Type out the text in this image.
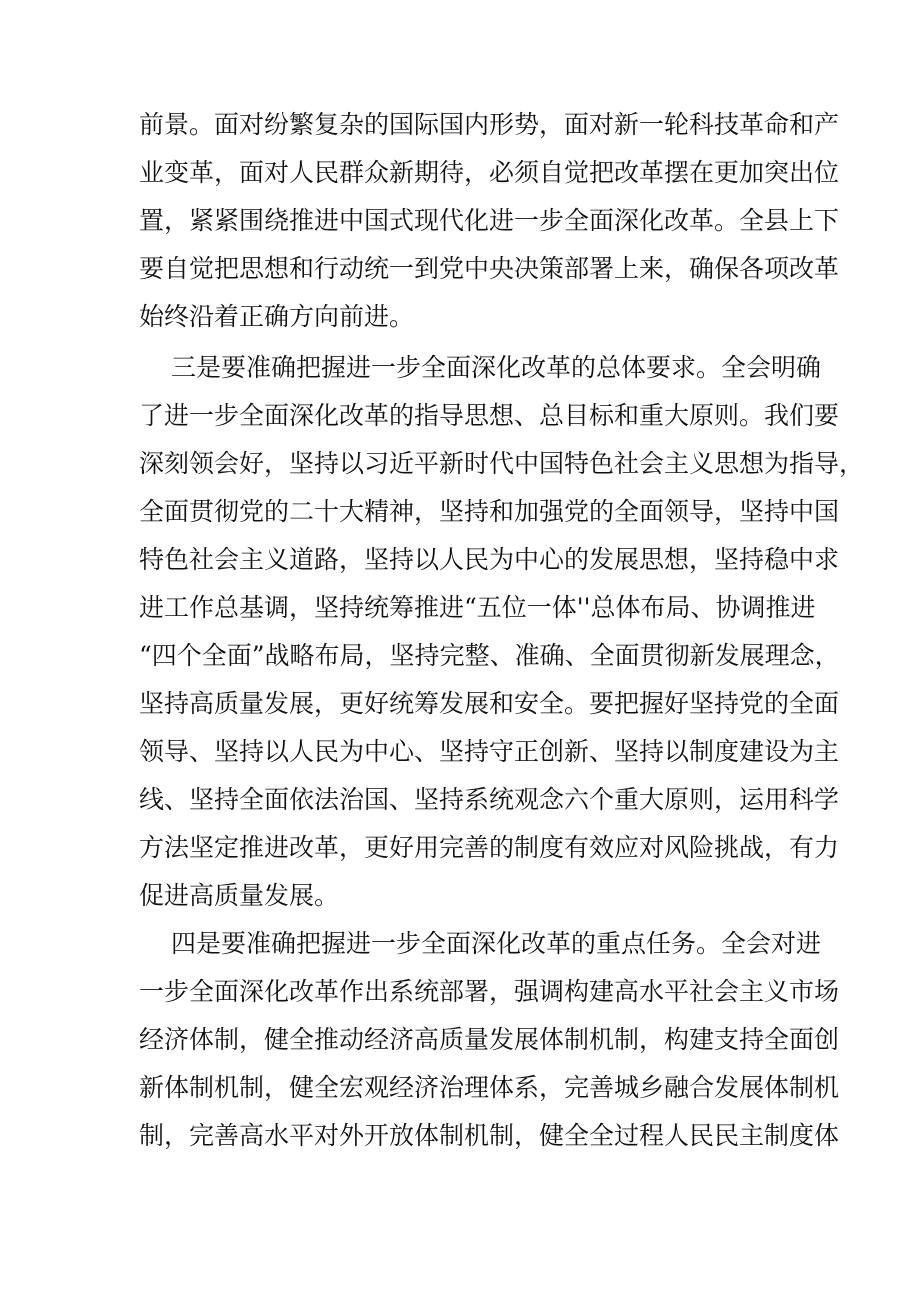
前景。面对纷繁复杂的国际国内形势，面对新一轮科技革命和产
业变革，面对人民群众新期待，必须自觉把改革摆在更加突出位
置，紧紧围绕推进中国式现代化进一步全面深化改革。全县上下
要自觉把思想和行动统一到党中央决策部署上来，确保各项改革
始终沿着正确方向前进。
三是要准确把握进一步全面深化改革的总体要求。全会明确
了进一步全面深化改革的指导思想、总目标和重大原则。我们要
深刻领会好，坚持以习近平新时代中国特色社会主义思想为指导，
全面贯彻党的二十大精神，坚持和加强党的全面领导，坚持中国
特色社会主义道路，坚持以人民为中心的发展思想，坚持稳中求
进工作总基调，坚持统筹推进“五位一体''总体布局、协调推进
“四个全面”战略布局，坚持完整、准确、全面贯彻新发展理念，
坚持高质量发展，更好统筹发展和安全。要把握好坚持党的全面
领导、坚持以人民为中心、坚持守正创新、坚持以制度建设为主
线、坚持全面依法治国、坚持系统观念六个重大原则，运用科学
方法坚定推进改革，更好用完善的制度有效应对风险挑战，有力
促进高质量发展。
四是要准确把握进一步全面深化改革的重点任务。全会对进
一步全面深化改革作出系统部署，强调构建高水平社会主义市场
经济体制，健全推动经济高质量发展体制机制，构建支持全面创
新体制机制，健全宏观经济治理体系，完善城乡融合发展体制机
制，完善高水平对外开放体制机制，健全全过程人民民主制度体
